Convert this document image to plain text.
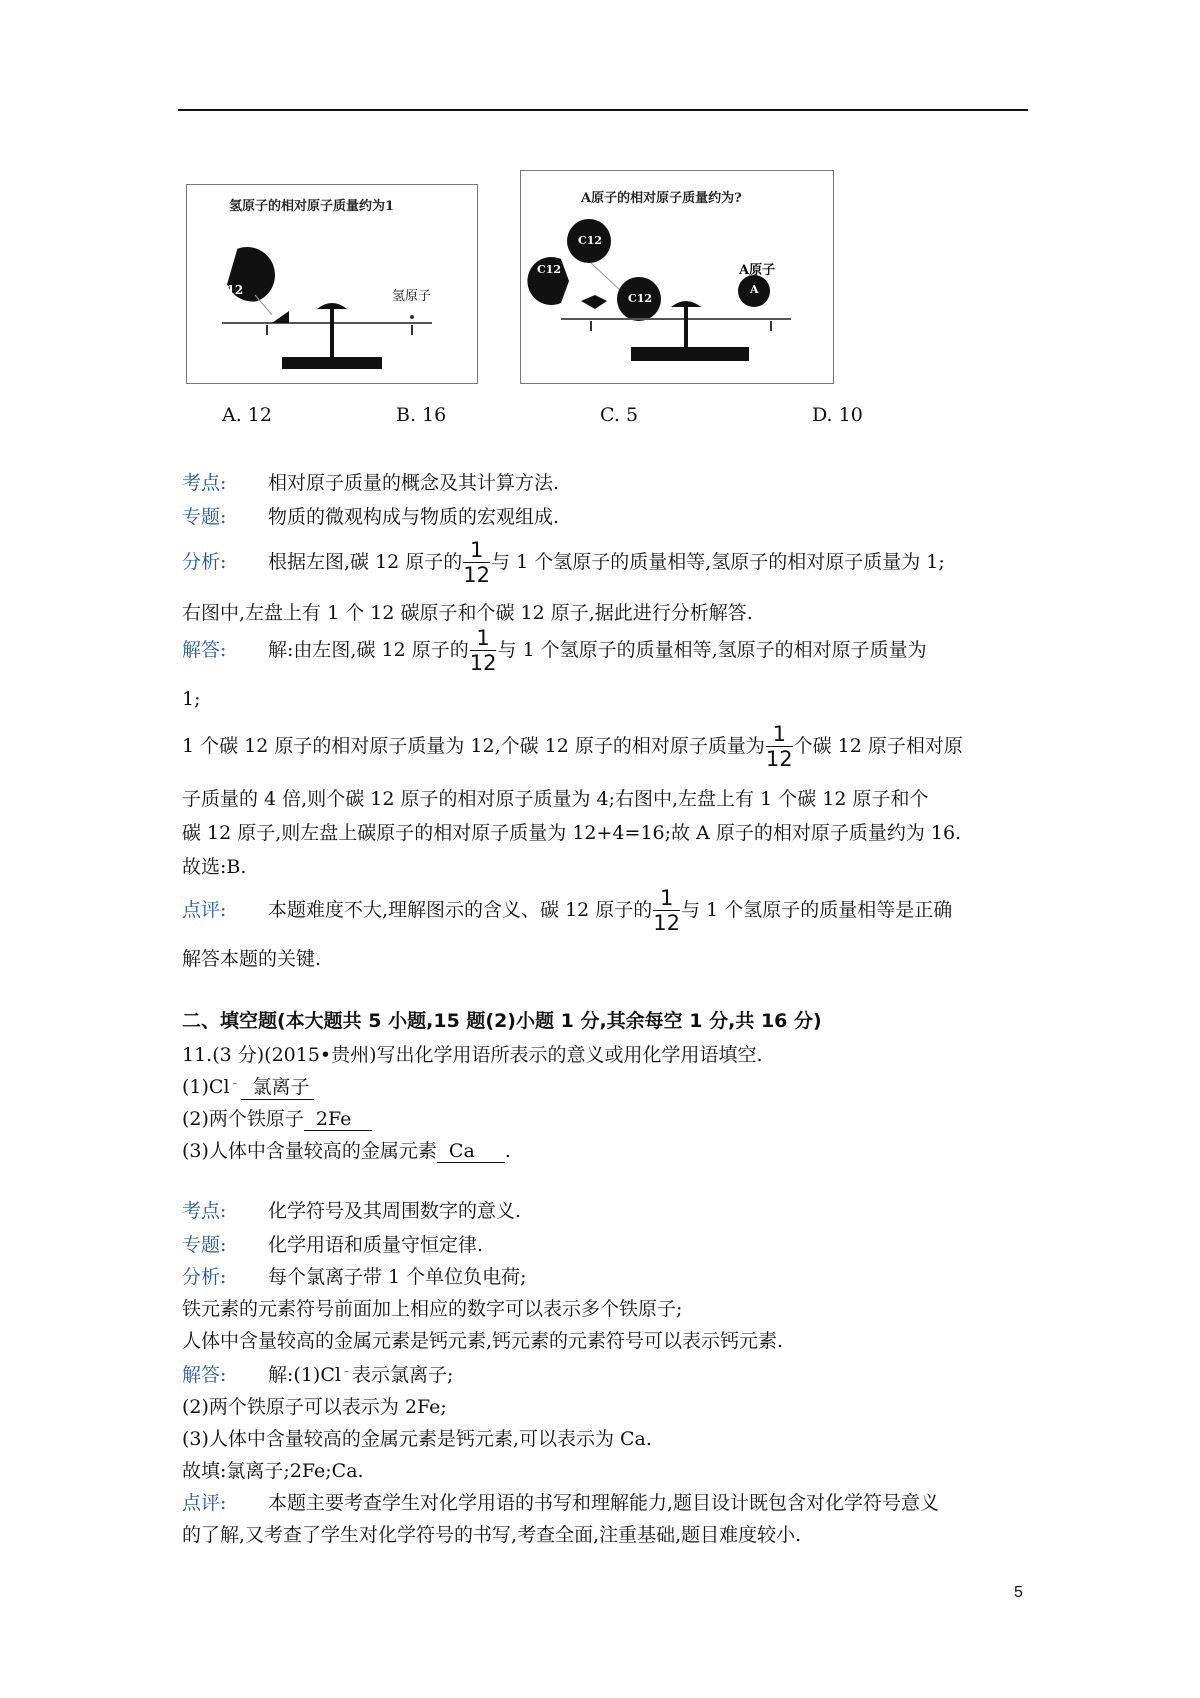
氢原子的相对原子质量约为1
C12	氢原子
A原子的相对原子质量约为?
C12
C12
C12
A原子
A
A. 12	B. 16	C. 5	D. 10
考点: 相对原子质量的概念及其计算方法.
专题: 物质的微观构成与物质的宏观组成.
分析: 根据左图,碳 12 原子的 $\frac{1}{12}$ 与 1 个氢原子的质量相等,氢原子的相对原子质量为 1;
右图中,左盘上有 1 个 12 碳原子和个碳 12 原子,据此进行分析解答.
解答: 解:由左图,碳 12 原子的 $\frac{1}{12}$ 与 1 个氢原子的质量相等,氢原子的相对原子质量为
1;
1 个碳 12 原子的相对原子质量为 12,个碳 12 原子的相对原子质量为 $\frac{1}{12}$ 个碳 12 原子相对原
子质量的 4 倍,则个碳 12 原子的相对原子质量为 4;右图中,左盘上有 1 个碳 12 原子和个
碳 12 原子,则左盘上碳原子的相对原子质量为 12+4=16;故 A 原子的相对原子质量约为 16.
故选:B.
点评: 本题难度不大,理解图示的含义、碳 12 原子的 $\frac{1}{12}$ 与 1 个氢原子的质量相等是正确
解答本题的关键.
二、填空题(本大题共 5 小题,15 题(2)小题 1 分,其余每空 1 分,共 16 分)
11.(3 分)(2015•贵州)写出化学用语所表示的意义或用化学用语填空.
(1)Cl﹣ 氯离子
(2)两个铁原子 2Fe
(3)人体中含量较高的金属元素 Ca .
考点: 化学符号及其周围数字的意义.
专题: 化学用语和质量守恒定律.
分析: 每个氯离子带 1 个单位负电荷;
铁元素的元素符号前面加上相应的数字可以表示多个铁原子;
人体中含量较高的金属元素是钙元素,钙元素的元素符号可以表示钙元素.
解答: 解:(1)Cl﹣表示氯离子;
(2)两个铁原子可以表示为 2Fe;
(3)人体中含量较高的金属元素是钙元素,可以表示为 Ca.
故填:氯离子;2Fe;Ca.
点评: 本题主要考查学生对化学用语的书写和理解能力,题目设计既包含对化学符号意义
的了解,又考查了学生对化学符号的书写,考查全面,注重基础,题目难度较小.
5
